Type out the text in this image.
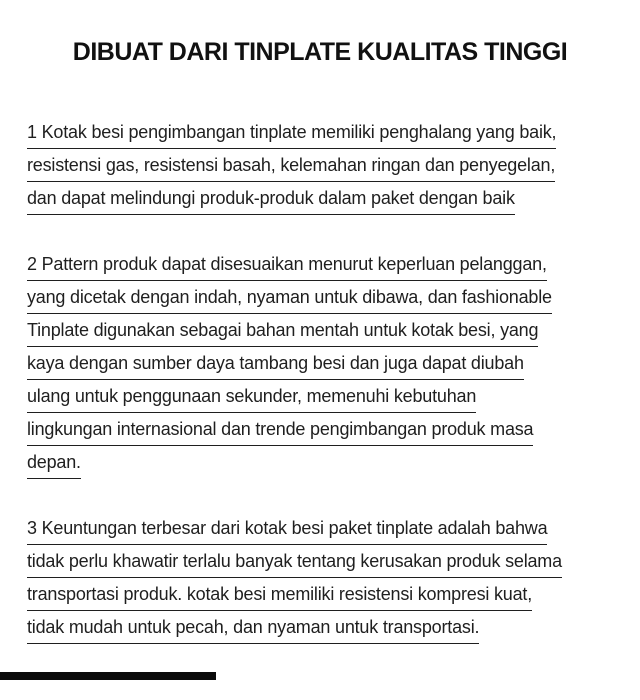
DIBUAT DARI TINPLATE KUALITAS TINGGI
1 Kotak besi pengimbangan tinplate memiliki penghalang yang baik,
resistensi gas, resistensi basah, kelemahan ringan dan penyegelan,
dan dapat melindungi produk-produk dalam paket dengan baik
2 Pattern produk dapat disesuaikan menurut keperluan pelanggan,
yang dicetak dengan indah, nyaman untuk dibawa, dan fashionable
Tinplate digunakan sebagai bahan mentah untuk kotak besi, yang
kaya dengan sumber daya tambang besi dan juga dapat diubah
ulang untuk penggunaan sekunder, memenuhi kebutuhan
lingkungan internasional dan trende pengimbangan produk masa
depan.
3 Keuntungan terbesar dari kotak besi paket tinplate adalah bahwa
tidak perlu khawatir terlalu banyak tentang kerusakan produk selama
transportasi produk. kotak besi memiliki resistensi kompresi kuat,
tidak mudah untuk pecah, dan nyaman untuk transportasi.
